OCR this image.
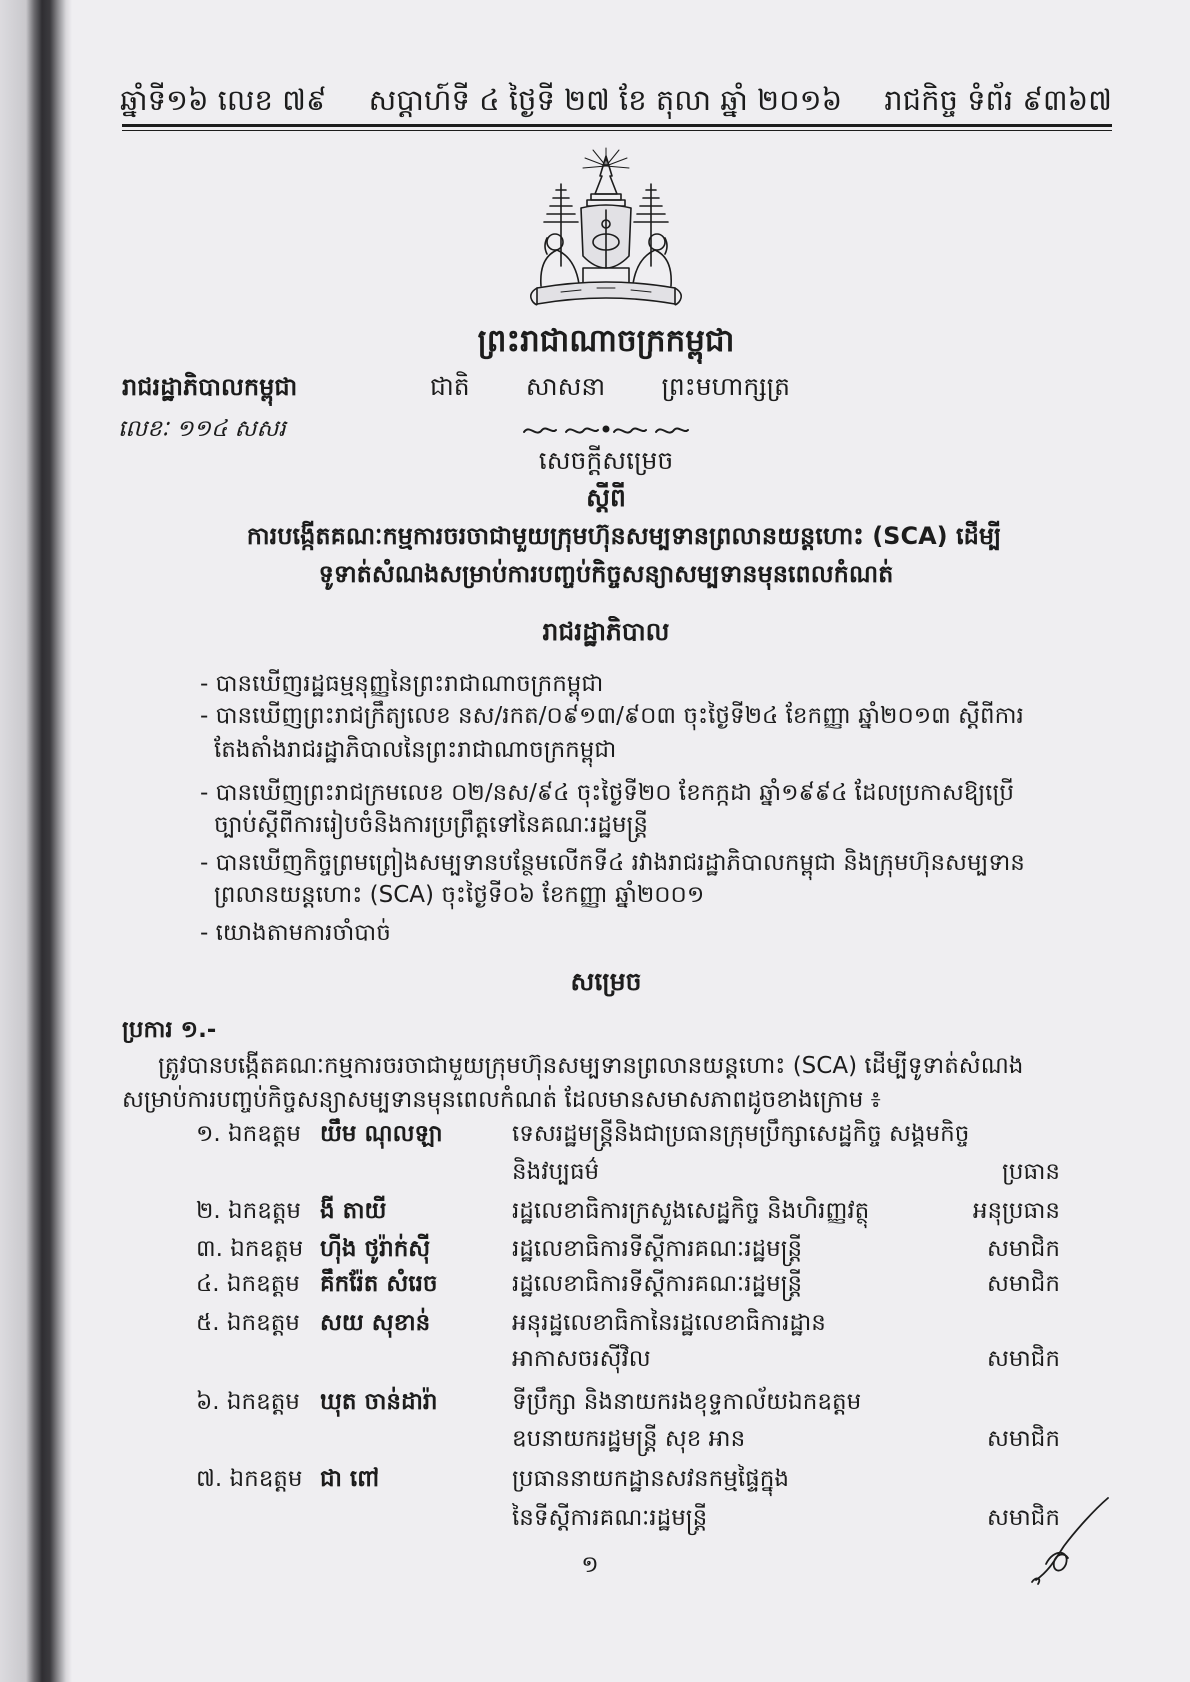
ឆ្នាំទី១៦ លេខ ៧៩ សប្តាហ៍ទី ៤ ថ្ងៃទី ២៧ ខែ តុលា ឆ្នាំ ២០១៦ រាជកិច្ច ទំព័រ ៩៣៦៧
ព្រះរាជាណាចក្រកម្ពុជា
រាជរដ្ឋាភិបាលកម្ពុជា	ជាតិ សាសនា ព្រះមហាក្សត្រ
លេខៈ ១១៤ សសរ
សេចក្តីសម្រេច
ស្តីពី
ការបង្កើតគណៈកម្មការចរចាជាមួយក្រុមហ៊ុនសម្បទានព្រលានយន្តហោះ (SCA) ដើម្បី
ទូទាត់សំណងសម្រាប់ការបញ្ចប់កិច្ចសន្យាសម្បទានមុនពេលកំណត់
រាជរដ្ឋាភិបាល
- បានឃើញរដ្ឋធម្មនុញ្ញនៃព្រះរាជាណាចក្រកម្ពុជា
- បានឃើញព្រះរាជក្រឹត្យលេខ នស/រកត/០៩១៣/៩០៣ ចុះថ្ងៃទី២៤ ខែកញ្ញា ឆ្នាំ២០១៣ ស្តីពីការ
តែងតាំងរាជរដ្ឋាភិបាលនៃព្រះរាជាណាចក្រកម្ពុជា
- បានឃើញព្រះរាជក្រមលេខ ០២/នស/៩៤ ចុះថ្ងៃទី២០ ខែកក្កដា ឆ្នាំ១៩៩៤ ដែលប្រកាសឱ្យប្រើ
ច្បាប់ស្តីពីការរៀបចំនិងការប្រព្រឹត្តទៅនៃគណៈរដ្ឋមន្ត្រី
- បានឃើញកិច្ចព្រមព្រៀងសម្បទានបន្ថែមលើកទី៤ រវាងរាជរដ្ឋាភិបាលកម្ពុជា និងក្រុមហ៊ុនសម្បទាន
ព្រលានយន្តហោះ (SCA) ចុះថ្ងៃទី០៦ ខែកញ្ញា ឆ្នាំ២០០១
- យោងតាមការចាំបាច់
សម្រេច
ប្រការ ១.-
ត្រូវបានបង្កើតគណៈកម្មការចរចាជាមួយក្រុមហ៊ុនសម្បទានព្រលានយន្តហោះ (SCA) ដើម្បីទូទាត់សំណង
សម្រាប់ការបញ្ចប់កិច្ចសន្យាសម្បទានមុនពេលកំណត់ ដែលមានសមាសភាពដូចខាងក្រោម ៖
១. ឯកឧត្តម យឹម ណុលឡា	ទេសរដ្ឋមន្ត្រីនិងជាប្រធានក្រុមប្រឹក្សាសេដ្ឋកិច្ច សង្គមកិច្ច
និងវប្បធម៌	ប្រធាន
២. ឯកឧត្តម ងី តាយី	រដ្ឋលេខាធិការក្រសួងសេដ្ឋកិច្ច និងហិរញ្ញវត្ថុ	អនុប្រធាន
៣. ឯកឧត្តម ហ៊ីង ថូរ៉ាក់ស៊ី	រដ្ឋលេខាធិការទីស្តីការគណៈរដ្ឋមន្ត្រី	សមាជិក
៤. ឯកឧត្តម គឹករ៉ែត សំរេច	រដ្ឋលេខាធិការទីស្តីការគណៈរដ្ឋមន្ត្រី	សមាជិក
៥. ឯកឧត្តម សយ សុខាន់	អនុរដ្ឋលេខាធិកានៃរដ្ឋលេខាធិការដ្ឋាន
អាកាសចរស៊ីវិល	សមាជិក
៦. ឯកឧត្តម ឃុត ចាន់ដារ៉ា	ទីប្រឹក្សា និងនាយករងខុទ្ទកាល័យឯកឧត្តម
ឧបនាយករដ្ឋមន្ត្រី សុខ អាន	សមាជិក
៧. ឯកឧត្តម ជា ពៅ	ប្រធាននាយកដ្ឋានសវនកម្មផ្ទៃក្នុង
នៃទីស្តីការគណៈរដ្ឋមន្ត្រី	សមាជិក
១
